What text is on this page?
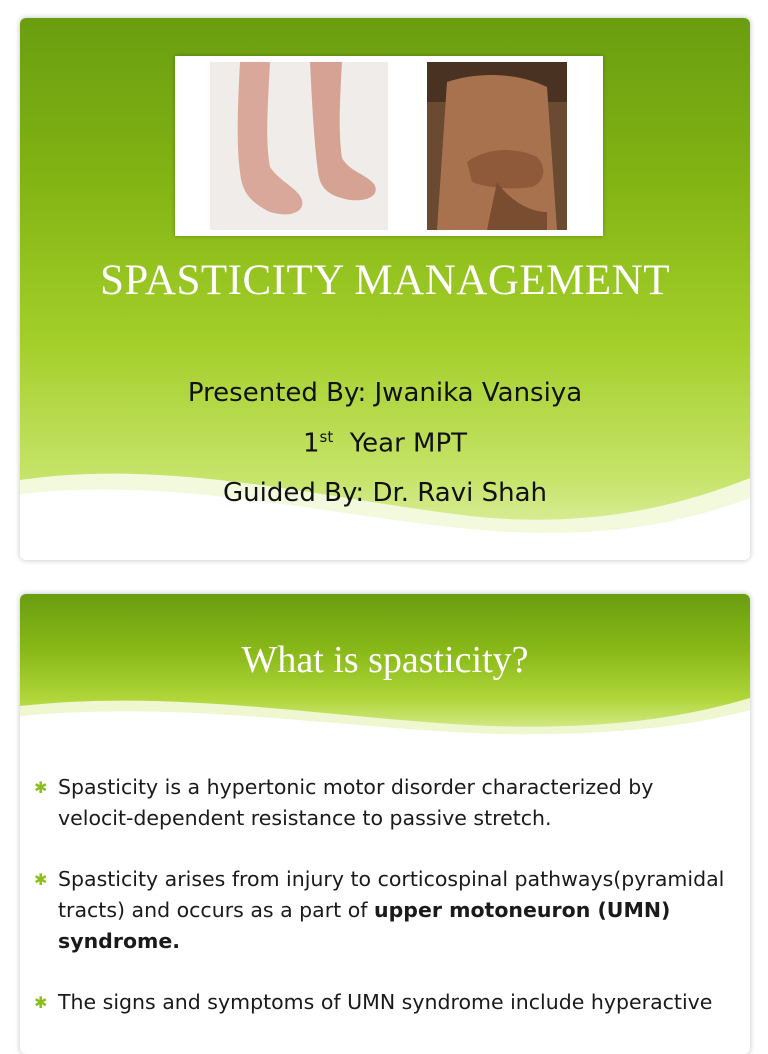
SPASTICITY MANAGEMENT
Presented By: Jwanika Vansiya
1st  Year MPT
Guided By: Dr. Ravi Shah
What is spasticity?
✱ Spasticity is a hypertonic motor disorder characterized by velocit-dependent resistance to passive stretch.
✱ Spasticity arises from injury to corticospinal pathways(pyramidal tracts) and occurs as a part of upper motoneuron (UMN) syndrome.
✱ The signs and symptoms of UMN syndrome include hyperactive
